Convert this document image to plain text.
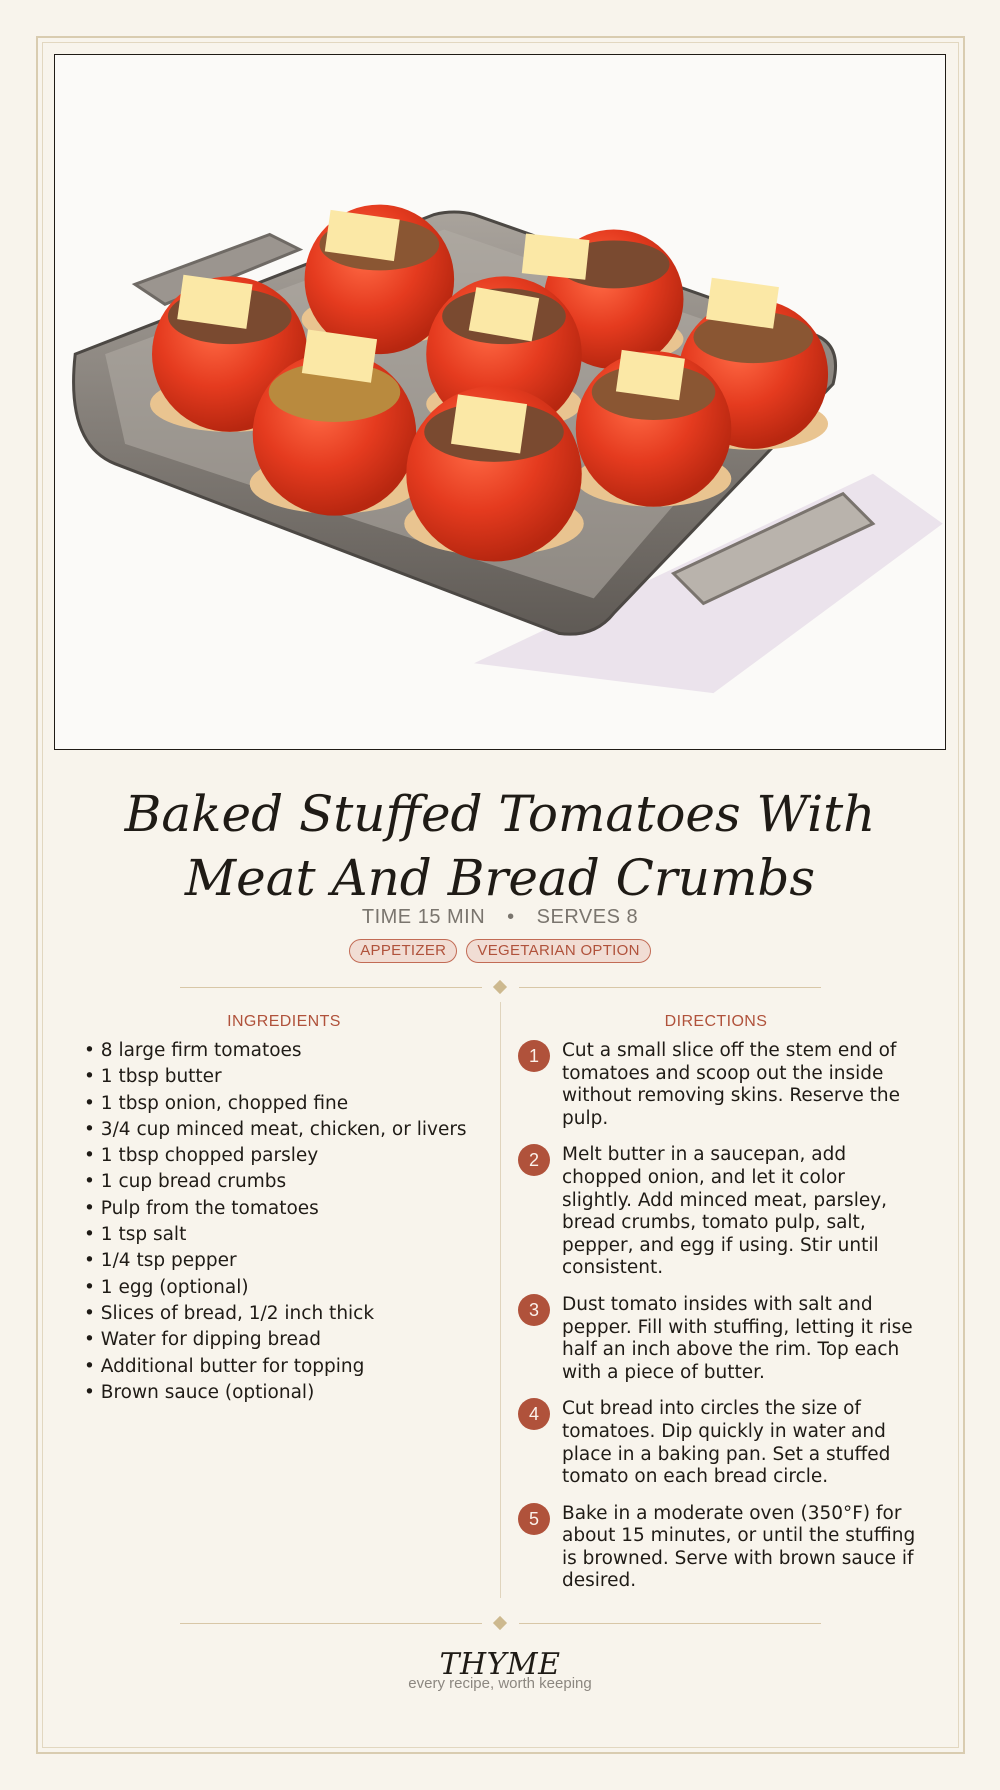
Baked Stuffed Tomatoes With Meat And Bread Crumbs
TIME 15 MIN • SERVES 8
APPETIZER VEGETARIAN OPTION
INGREDIENTS
• 8 large firm tomatoes
• 1 tbsp butter
• 1 tbsp onion, chopped fine
• 3/4 cup minced meat, chicken, or livers
• 1 tbsp chopped parsley
• 1 cup bread crumbs
• Pulp from the tomatoes
• 1 tsp salt
• 1/4 tsp pepper
• 1 egg (optional)
• Slices of bread, 1/2 inch thick
• Water for dipping bread
• Additional butter for topping
• Brown sauce (optional)
DIRECTIONS
1	Cut a small slice off the stem end of tomatoes and scoop out the inside without removing skins. Reserve the pulp.
2	Melt butter in a saucepan, add chopped onion, and let it color slightly. Add minced meat, parsley, bread crumbs, tomato pulp, salt, pepper, and egg if using. Stir until consistent.
3	Dust tomato insides with salt and pepper. Fill with stuffing, letting it rise half an inch above the rim. Top each with a piece of butter.
4	Cut bread into circles the size of tomatoes. Dip quickly in water and place in a baking pan. Set a stuffed tomato on each bread circle.
5	Bake in a moderate oven (350°F) for about 15 minutes, or until the stuffing is browned. Serve with brown sauce if desired.
THYME
every recipe, worth keeping
